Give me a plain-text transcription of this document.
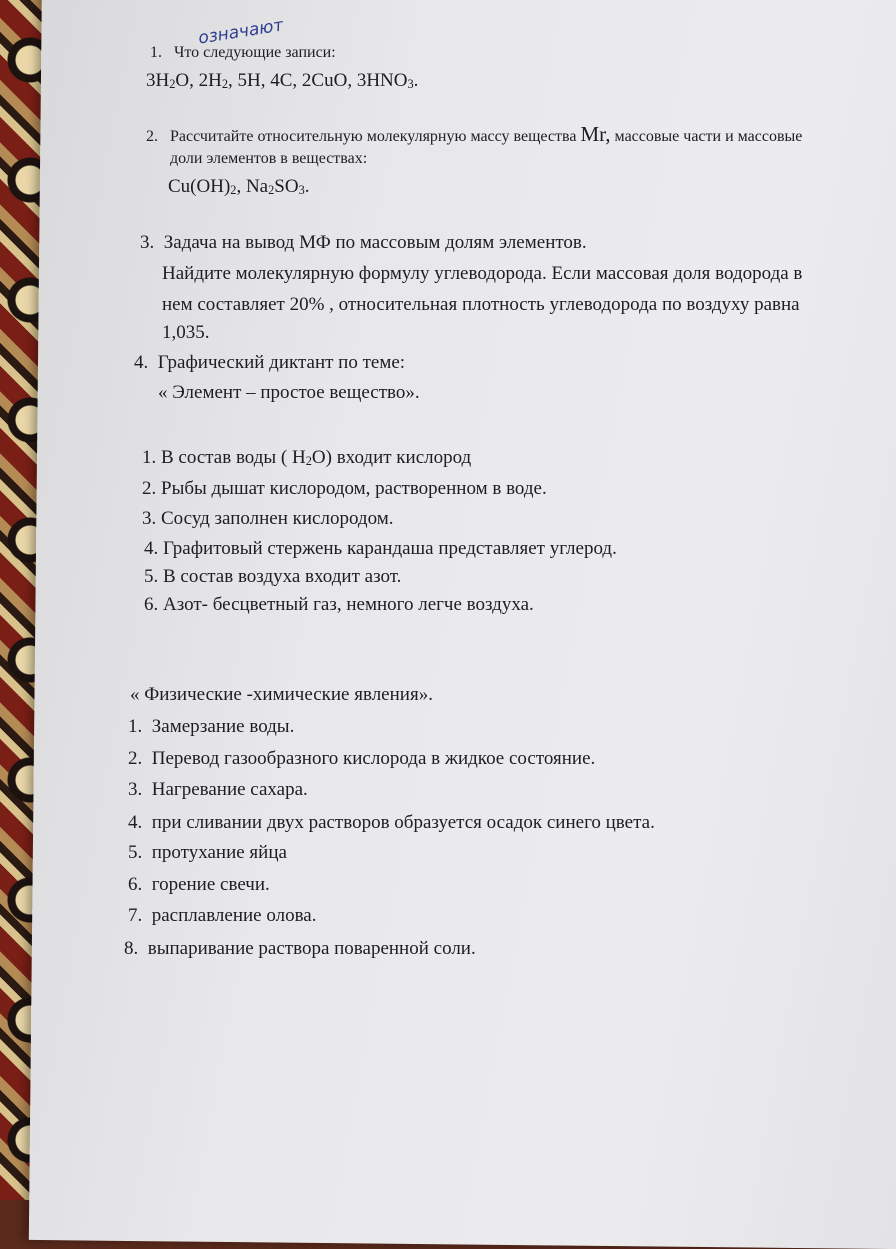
означают
1. Что следующие записи:
$3H_2O$, $2H_2$, 5H, 4C, 2CuO, $3HNO_3$.
2. Рассчитайте относительную молекулярную массу вещества Mr, массовые части и массовые
доли элементов в веществах:
$Cu(OH)_2$, $Na_2SO_3$.
3. Задача на вывод МФ по массовым долям элементов.
Найдите молекулярную формулу углеводорода. Если массовая доля водорода в
нем составляет 20% , относительная плотность углеводорода по воздуху равна
1,035.
4. Графический диктант по теме:
« Элемент – простое вещество».
1. В состав воды ( $H_2O$) входит кислород
2. Рыбы дышат кислородом, растворенном в воде.
3. Сосуд заполнен кислородом.
4. Графитовый стержень карандаша представляет углерод.
5. В состав воздуха входит азот.
6. Азот- бесцветный газ, немного легче воздуха.
« Физические -химические явления».
1. Замерзание воды.
2. Перевод газообразного кислорода в жидкое состояние.
3. Нагревание сахара.
4. при сливании двух растворов образуется осадок синего цвета.
5. протухание яйца
6. горение свечи.
7. расплавление олова.
8. выпаривание раствора поваренной соли.
